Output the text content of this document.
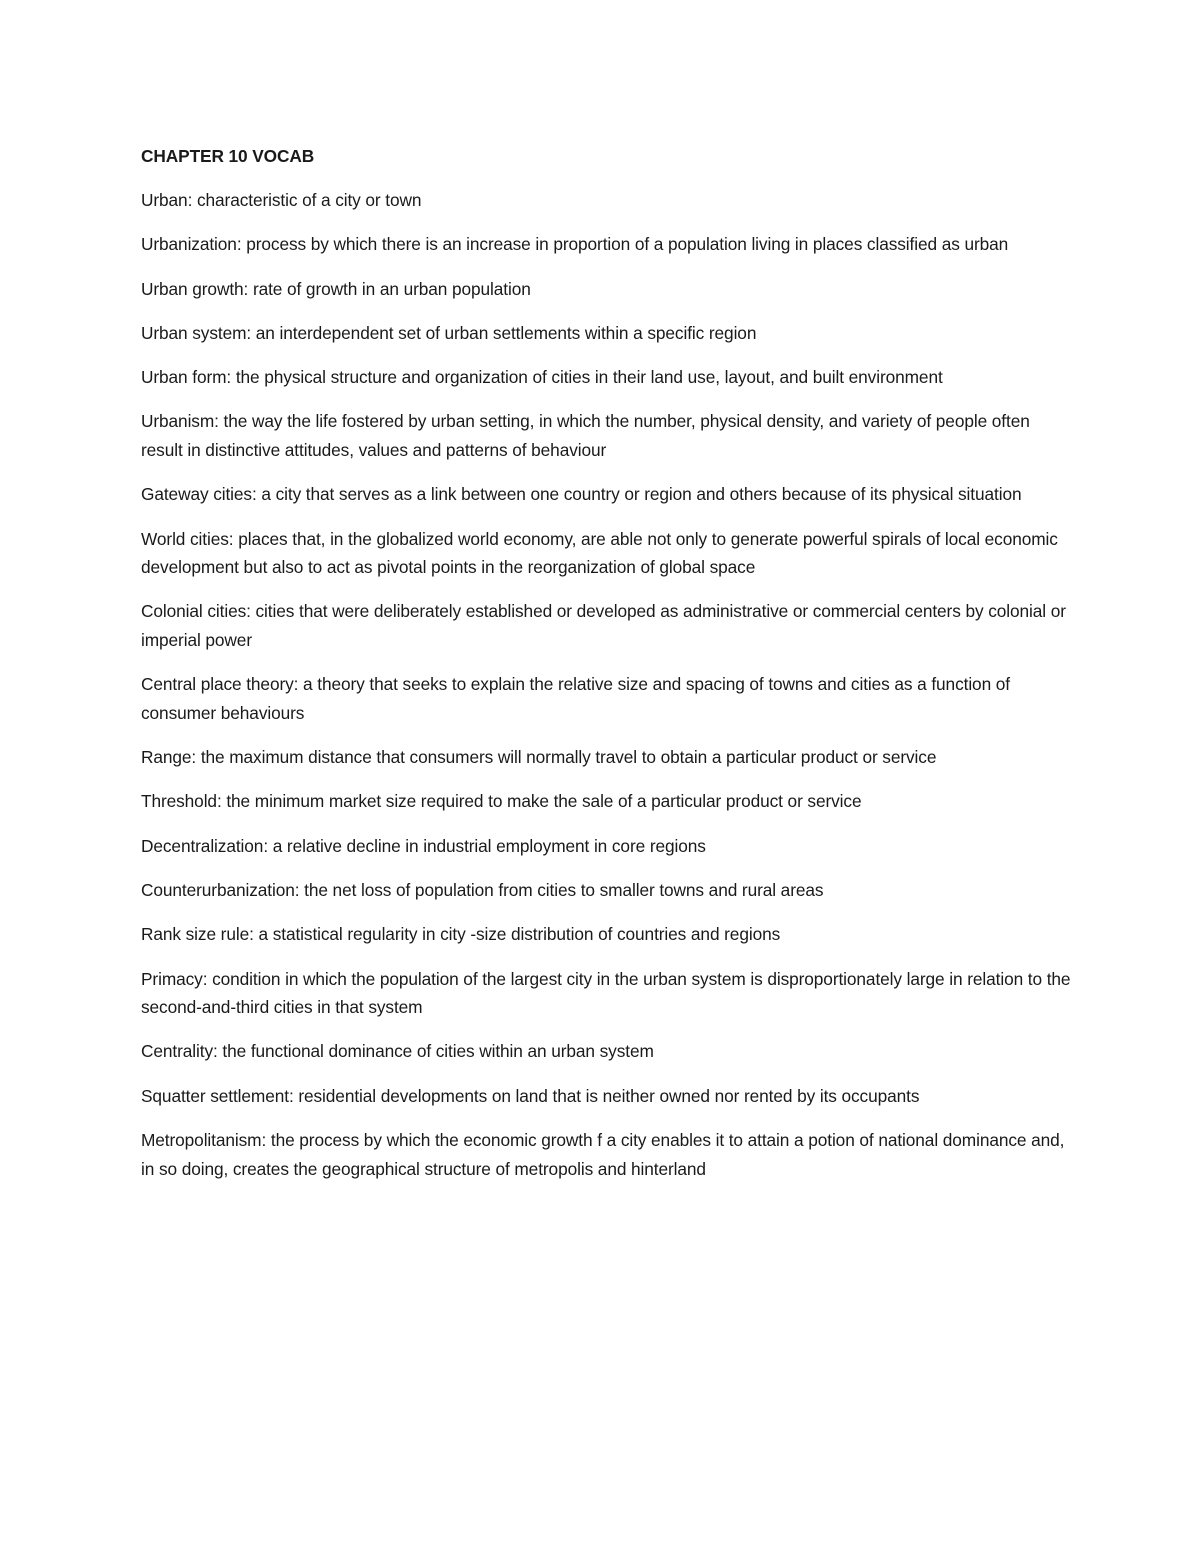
CHAPTER 10 VOCAB
Urban: characteristic of a city or town
Urbanization: process by which there is an increase in proportion of a population living in places classified as urban
Urban growth: rate of growth in an urban population
Urban system: an interdependent set of urban settlements within a specific region
Urban form: the physical structure and organization of cities in their land use, layout, and built environment
Urbanism: the way the life fostered by urban setting, in which the number, physical density, and variety of people often result in distinctive attitudes, values and patterns of behaviour
Gateway cities: a city that serves as a link between one country or region and others because of its physical situation
World cities: places that, in the globalized world economy, are able not only to generate powerful spirals of local economic development but also to act as pivotal points in the reorganization of global space
Colonial cities: cities that were deliberately established or developed as administrative or commercial centers by colonial or imperial power
Central place theory: a theory that seeks to explain the relative size and spacing of towns and cities as a function of consumer behaviours
Range: the maximum distance that consumers will normally travel to obtain a particular product or service
Threshold: the minimum market size required to make the sale of a particular product or service
Decentralization: a relative decline in industrial employment in core regions
Counterurbanization: the net loss of population from cities to smaller towns and rural areas
Rank size rule: a statistical regularity in city -size distribution of countries and regions
Primacy: condition in which the population of the largest city in the urban system is disproportionately large in relation to the second-and-third cities in that system
Centrality: the functional dominance of cities within an urban system
Squatter settlement: residential developments on land that is neither owned nor rented by its occupants
Metropolitanism: the process by which the economic growth f a city enables it to attain a potion of national dominance and, in so doing, creates the geographical structure of metropolis and hinterland
